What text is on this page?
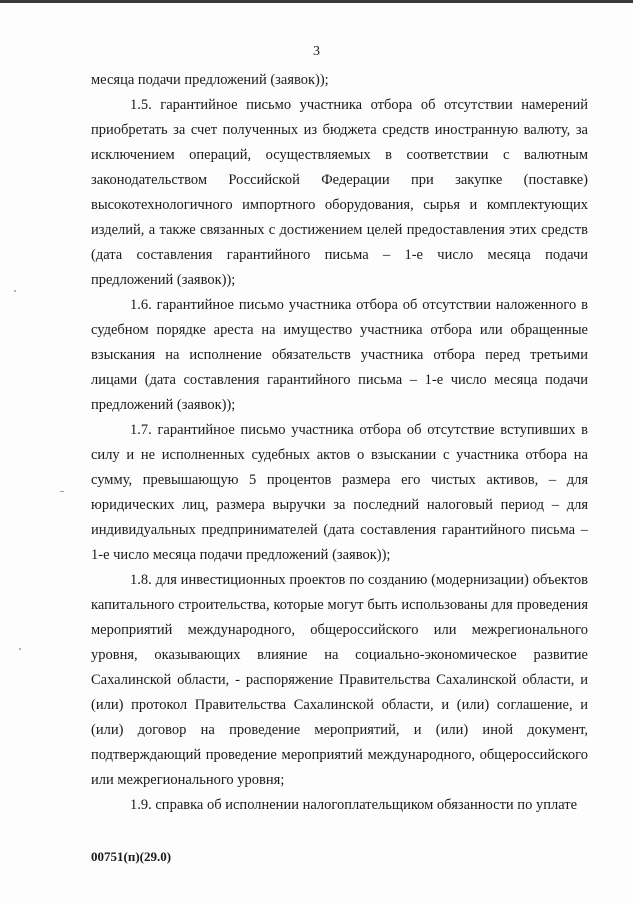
3

месяца подачи предложений (заявок));

1.5. гарантийное письмо участника отбора об отсутствии намерений приобретать за счет полученных из бюджета средств иностранную валюту, за исключением операций, осуществляемых в соответствии с валютным законодательством Российской Федерации при закупке (поставке) высокотехнологичного импортного оборудования, сырья и комплектующих изделий, а также связанных с достижением целей предоставления этих средств (дата составления гарантийного письма – 1-е число месяца подачи предложений (заявок));

1.6. гарантийное письмо участника отбора об отсутствии наложенного в судебном порядке ареста на имущество участника отбора или обращенные взыскания на исполнение обязательств участника отбора перед третьими лицами (дата составления гарантийного письма – 1-е число месяца подачи предложений (заявок));

1.7. гарантийное письмо участника отбора об отсутствие вступивших в силу и не исполненных судебных актов о взыскании с участника отбора на сумму, превышающую 5 процентов размера его чистых активов, – для юридических лиц, размера выручки за последний налоговый период – для индивидуальных предпринимателей (дата составления гарантийного письма – 1-е число месяца подачи предложений (заявок));

1.8. для инвестиционных проектов по созданию (модернизации) объектов капитального строительства, которые могут быть использованы для проведения мероприятий международного, общероссийского или межрегионального уровня, оказывающих влияние на социально-экономическое развитие Сахалинской области, - распоряжение Правительства Сахалинской области, и (или) протокол Правительства Сахалинской области, и (или) соглашение, и (или) договор на проведение мероприятий, и (или) иной документ, подтверждающий проведение мероприятий международного, общероссийского или межрегионального уровня;

1.9. справка об исполнении налогоплательщиком обязанности по уплате

00751(п)(29.0)
